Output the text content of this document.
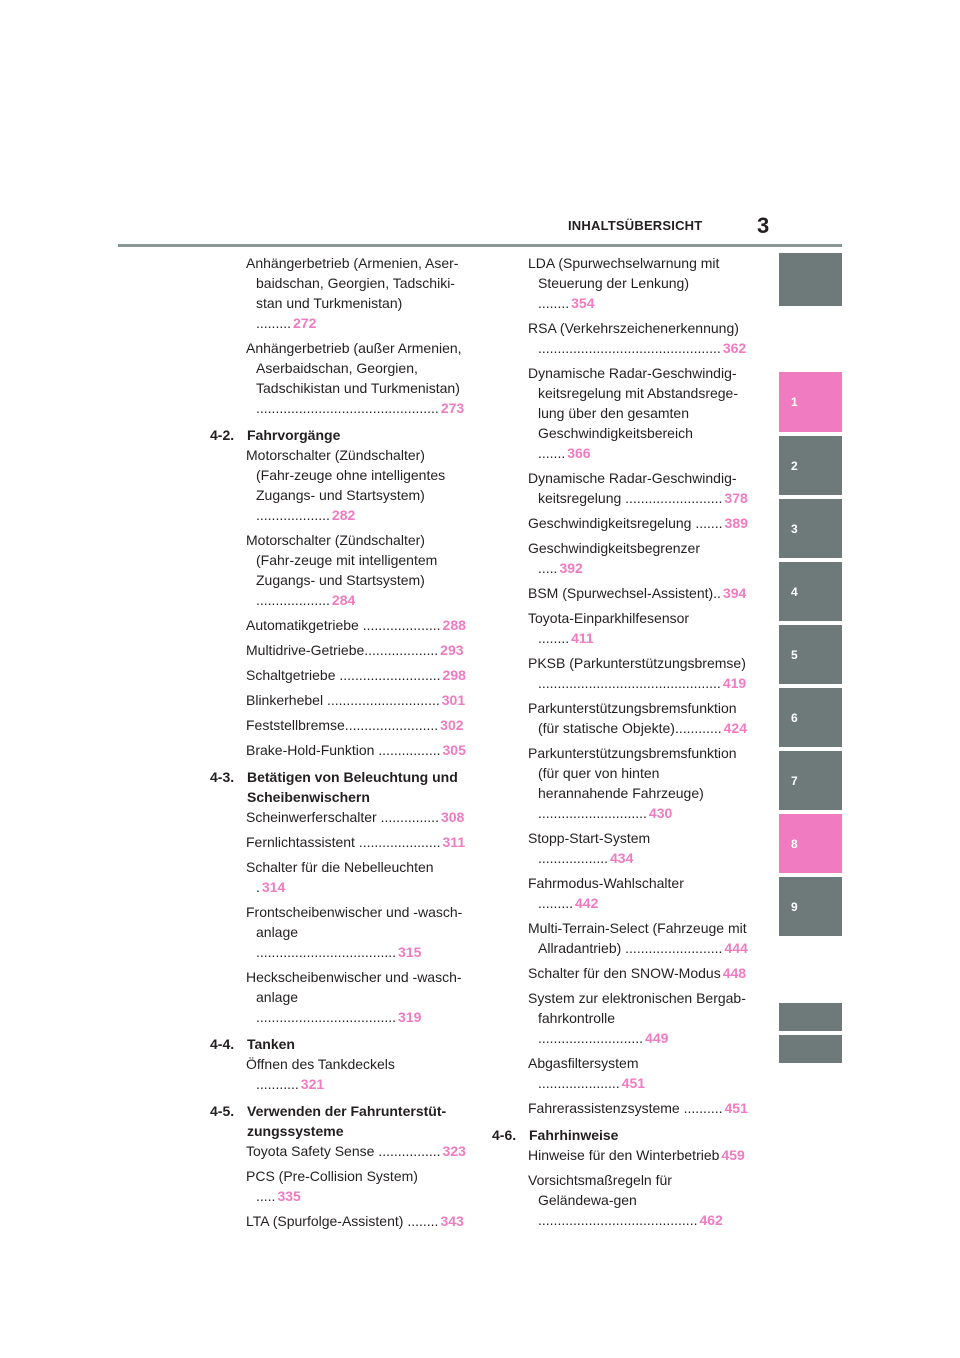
INHALTSÜBERSICHT 3
1
2
3
4
5
6
7
8
9
Anhängerbetrieb (Armenien, Aser-baidschan, Georgien, Tadschiki-stan und Turkmenistan) ......... 272
Anhängerbetrieb (außer Armenien, Aserbaidschan, Georgien, Tadschikistan und Turkmenistan) ............................................... 273
4-2. Fahrvorgänge
Motorschalter (Zündschalter) (Fahr-zeuge ohne intelligentes Zugangs- und Startsystem) ................... 282
Motorschalter (Zündschalter) (Fahr-zeuge mit intelligentem Zugangs- und Startsystem) ................... 284
Automatikgetriebe .................... 288
Multidrive-Getriebe................... 293
Schaltgetriebe .......................... 298
Blinkerhebel ............................. 301
Feststellbremse........................ 302
Brake-Hold-Funktion ................ 305
4-3. Betätigen von Beleuchtung und Scheibenwischern
Scheinwerferschalter ............... 308
Fernlichtassistent ..................... 311
Schalter für die Nebelleuchten . 314
Frontscheibenwischer und -wasch-anlage .................................... 315
Heckscheibenwischer und -wasch-anlage .................................... 319
4-4. Tanken
Öffnen des Tankdeckels ........... 321
4-5. Verwenden der Fahrunterstüt-zungssysteme
Toyota Safety Sense ................ 323
PCS (Pre-Collision System) ..... 335
LTA (Spurfolge-Assistent) ........ 343
LDA (Spurwechselwarnung mit Steuerung der Lenkung) ........ 354
RSA (Verkehrszeichenerkennung) ............................................... 362
Dynamische Radar-Geschwindig-keitsregelung mit Abstandsrege-lung über den gesamten Geschwindigkeitsbereich ....... 366
Dynamische Radar-Geschwindig-keitsregelung ......................... 378
Geschwindigkeitsregelung ....... 389
Geschwindigkeitsbegrenzer ..... 392
BSM (Spurwechsel-Assistent).. 394
Toyota-Einparkhilfesensor ........ 411
PKSB (Parkunterstützungsbremse) ............................................... 419
Parkunterstützungsbremsfunktion (für statische Objekte)............ 424
Parkunterstützungsbremsfunktion (für quer von hinten herannahende Fahrzeuge) ............................ 430
Stopp-Start-System .................. 434
Fahrmodus-Wahlschalter ......... 442
Multi-Terrain-Select (Fahrzeuge mit Allradantrieb) ......................... 444
Schalter für den SNOW-Modus 448
System zur elektronischen Bergab-fahrkontrolle ........................... 449
Abgasfiltersystem ..................... 451
Fahrerassistenzsysteme .......... 451
4-6. Fahrhinweise
Hinweise für den Winterbetrieb 459
Vorsichtsmaßregeln für Geländewa-gen ......................................... 462
